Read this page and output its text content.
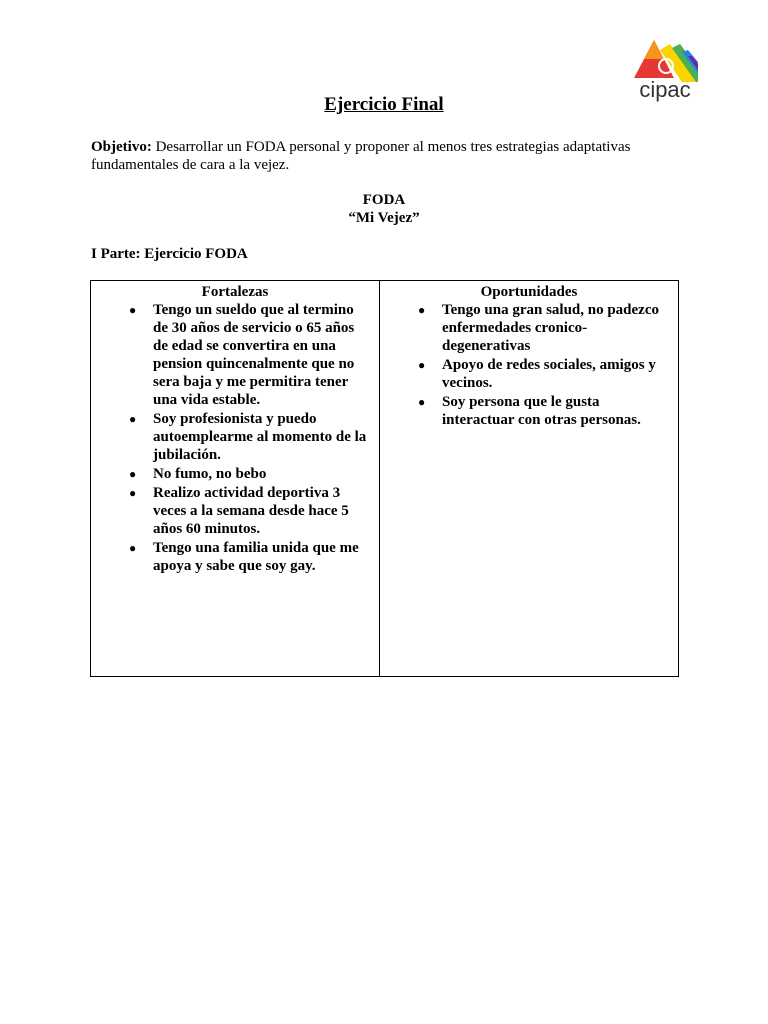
cipac
Ejercicio Final
Objetivo: Desarrollar un FODA personal y proponer al menos tres estrategias adaptativas fundamentales de cara a la vejez.
FODA
“Mi Vejez”
I Parte: Ejercicio FODA
Fortalezas
● Tengo un sueldo que al termino de 30 años de servicio o 65 años de edad se convertira en una pension quincenalmente que no sera baja y me permitira tener una vida estable.
● Soy profesionista y puedo autoemplearme al momento de la jubilación.
● No fumo, no bebo
● Realizo actividad deportiva 3 veces a la semana desde hace 5 años 60 minutos.
● Tengo una familia unida que me apoya y sabe que soy gay.

Oportunidades
● Tengo una gran salud, no padezco enfermedades cronico-degenerativas
● Apoyo de redes sociales, amigos y vecinos.
● Soy persona que le gusta interactuar con otras personas.
